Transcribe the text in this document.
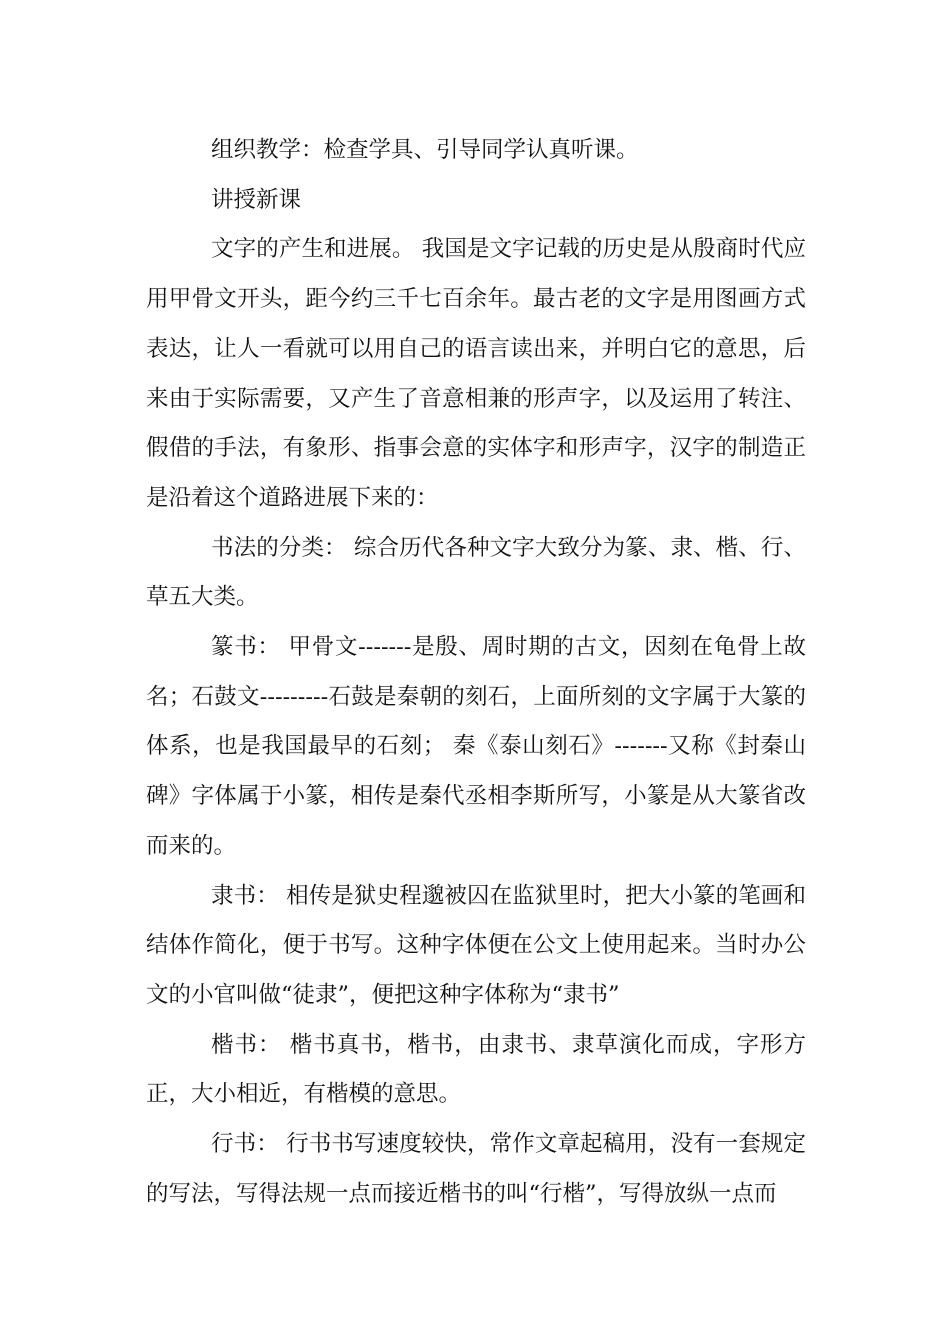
组织教学：检查学具、引导同学认真听课。

讲授新课

文字的产生和进展。 我国是文字记载的历史是从殷商时代应用甲骨文开头，距今约三千七百余年。最古老的文字是用图画方式表达，让人一看就可以用自己的语言读出来，并明白它的意思，后来由于实际需要，又产生了音意相兼的形声字，以及运用了转注、假借的手法，有象形、指事会意的实体字和形声字，汉字的制造正是沿着这个道路进展下来的：

书法的分类： 综合历代各种文字大致分为篆、隶、楷、行、草五大类。

篆书： 甲骨文-------是殷、周时期的古文，因刻在龟骨上故名；石鼓文---------石鼓是秦朝的刻石，上面所刻的文字属于大篆的体系，也是我国最早的石刻； 秦《泰山刻石》-------又称《封秦山碑》字体属于小篆，相传是秦代丞相李斯所写，小篆是从大篆省改而来的。

隶书： 相传是狱史程邈被囚在监狱里时，把大小篆的笔画和结体作简化，便于书写。这种字体便在公文上使用起来。当时办公文的小官叫做“徒隶”，便把这种字体称为“隶书”

楷书： 楷书真书，楷书，由隶书、隶草演化而成，字形方正，大小相近，有楷模的意思。

行书： 行书书写速度较快，常作文章起稿用，没有一套规定的写法，写得法规一点而接近楷书的叫“行楷”，写得放纵一点而
